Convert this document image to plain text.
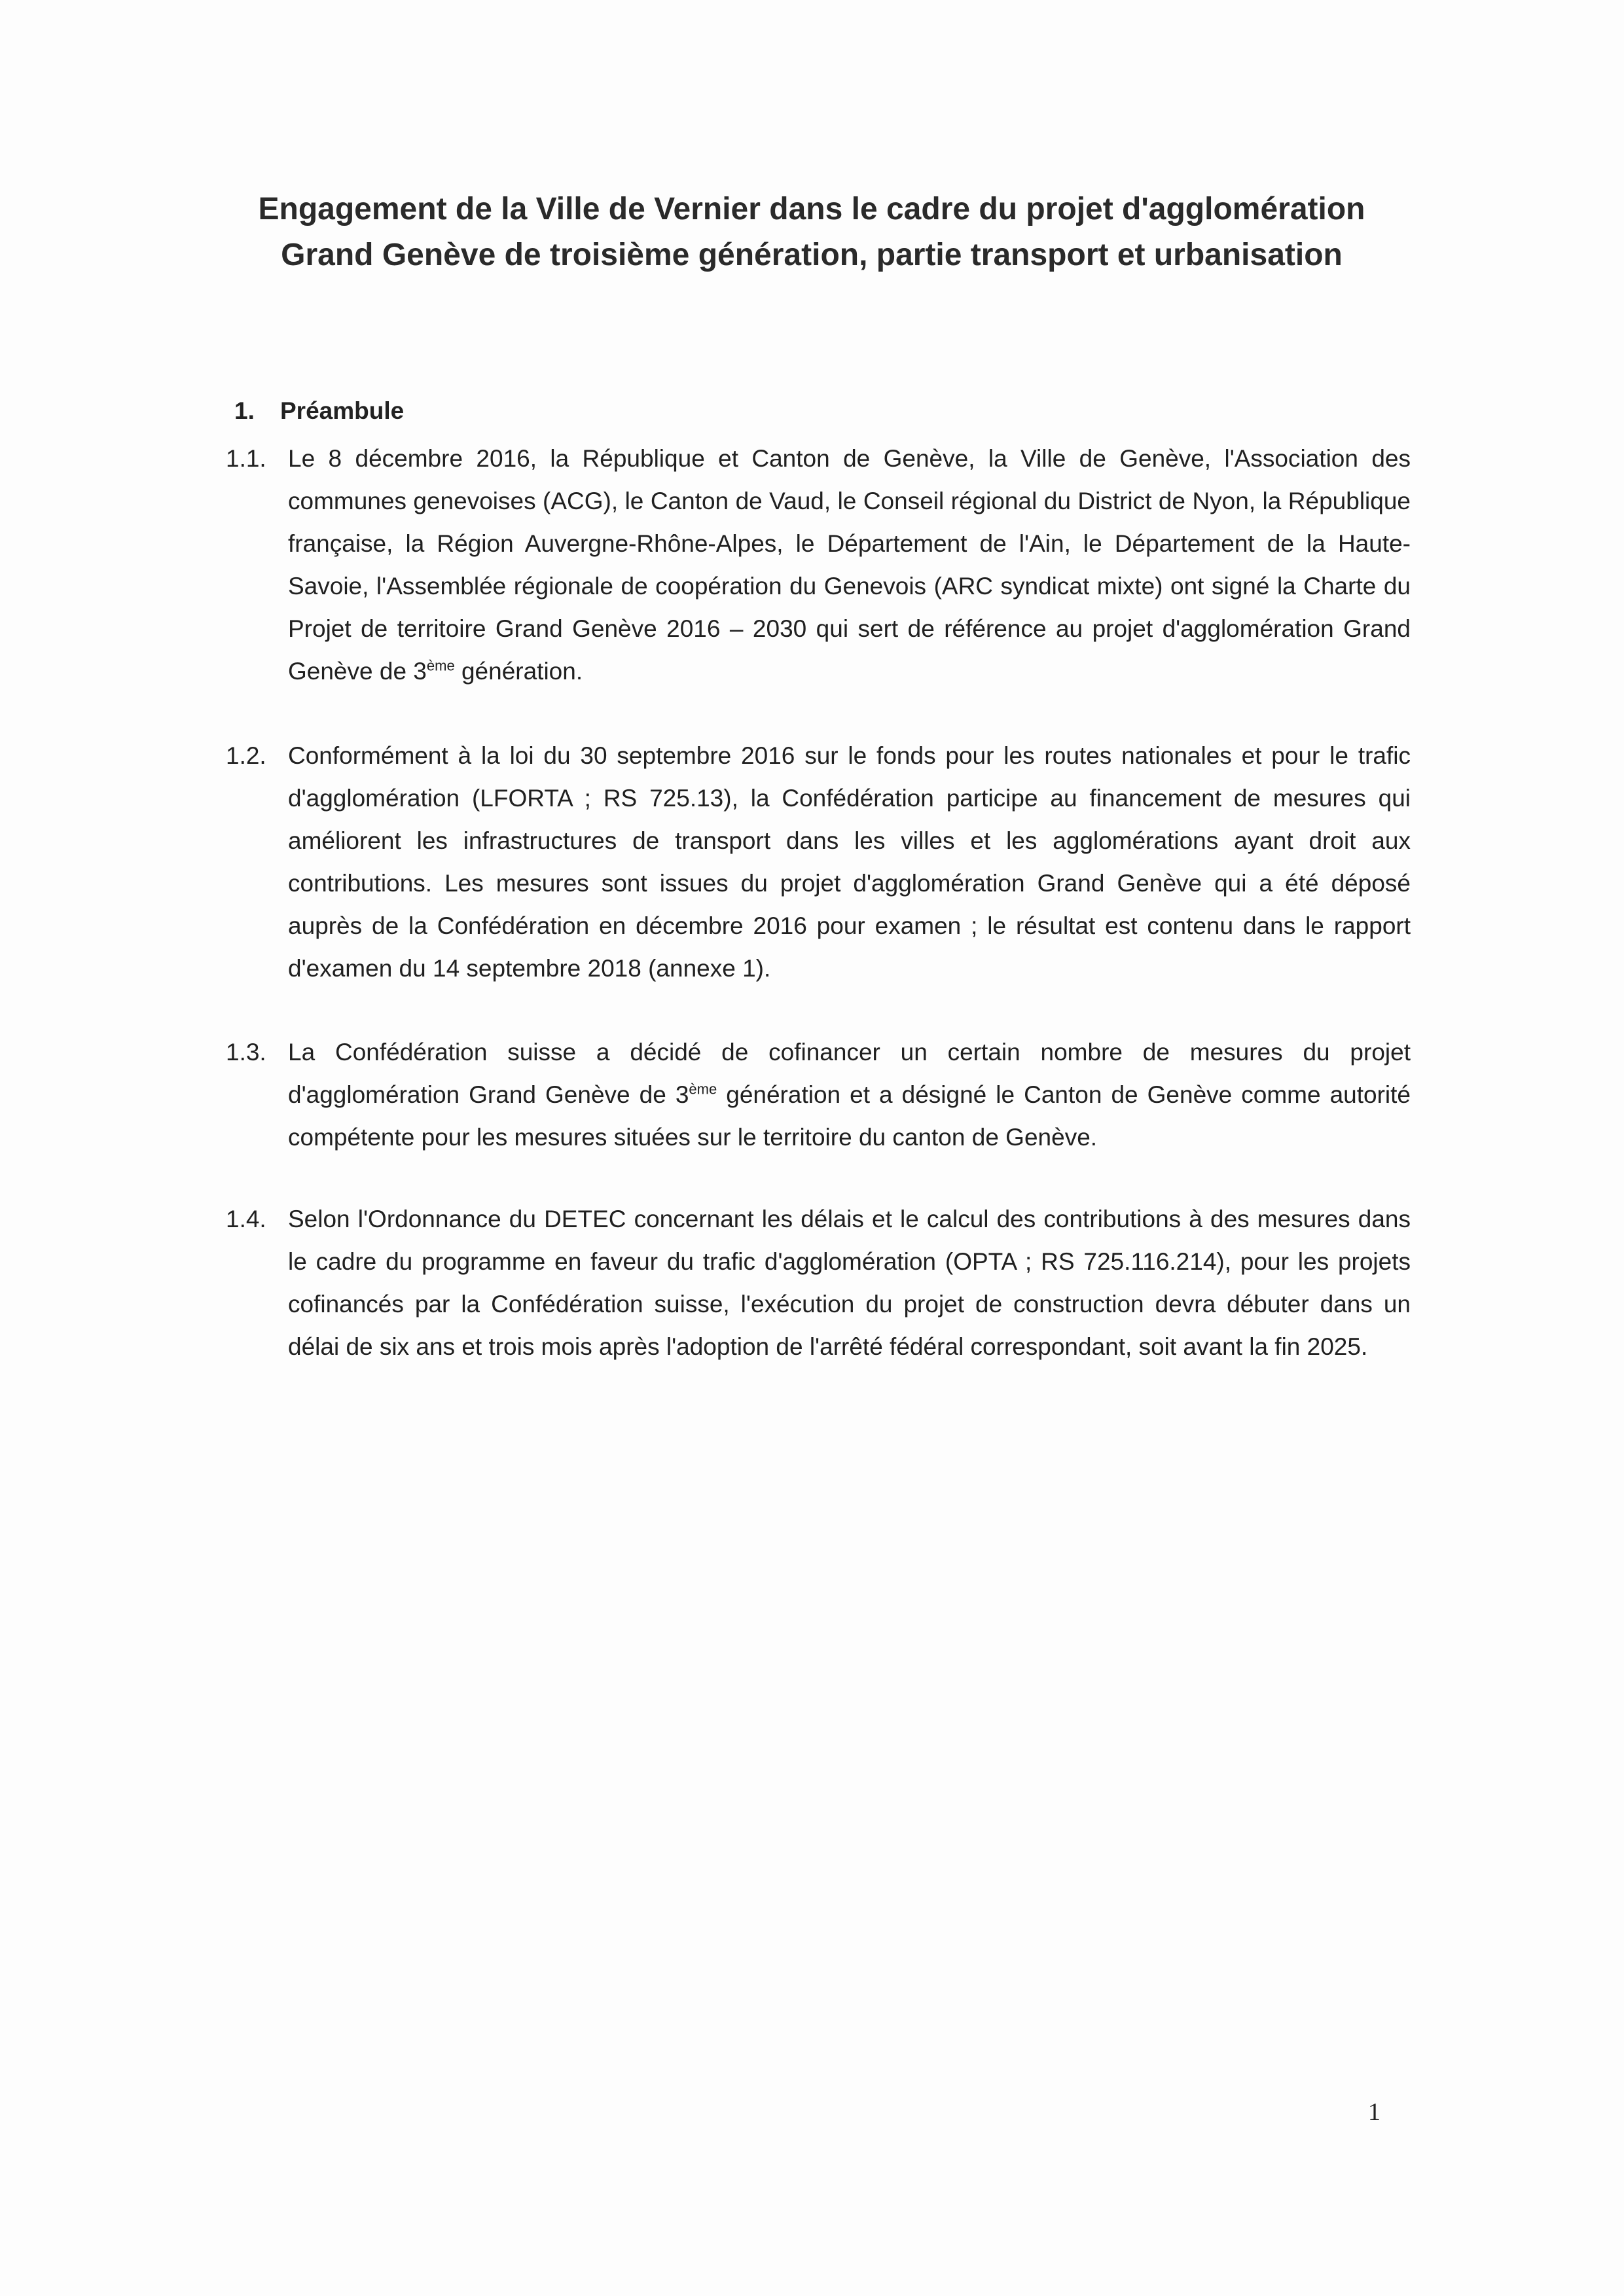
Engagement de la Ville de Vernier dans le cadre du projet d'agglomération
Grand Genève de troisième génération, partie transport et urbanisation
1. Préambule
1.1. Le 8 décembre 2016, la République et Canton de Genève, la Ville de Genève, l'Association des communes genevoises (ACG), le Canton de Vaud, le Conseil régional du District de Nyon, la République française, la Région Auvergne-Rhône-Alpes, le Département de l'Ain, le Département de la Haute-Savoie, l'Assemblée régionale de coopération du Genevois (ARC syndicat mixte) ont signé la Charte du Projet de territoire Grand Genève 2016 – 2030 qui sert de référence au projet d'agglomération Grand Genève de 3ème génération.
1.2. Conformément à la loi du 30 septembre 2016 sur le fonds pour les routes nationales et pour le trafic d'agglomération (LFORTA ; RS 725.13), la Confédération participe au financement de mesures qui améliorent les infrastructures de transport dans les villes et les agglomérations ayant droit aux contributions. Les mesures sont issues du projet d'agglomération Grand Genève qui a été déposé auprès de la Confédération en décembre 2016 pour examen ; le résultat est contenu dans le rapport d'examen du 14 septembre 2018 (annexe 1).
1.3. La Confédération suisse a décidé de cofinancer un certain nombre de mesures du projet d'agglomération Grand Genève de 3ème génération et a désigné le Canton de Genève comme autorité compétente pour les mesures situées sur le territoire du canton de Genève.
1.4. Selon l'Ordonnance du DETEC concernant les délais et le calcul des contributions à des mesures dans le cadre du programme en faveur du trafic d'agglomération (OPTA ; RS 725.116.214), pour les projets cofinancés par la Confédération suisse, l'exécution du projet de construction devra débuter dans un délai de six ans et trois mois après l'adoption de l'arrêté fédéral correspondant, soit avant la fin 2025.
1
